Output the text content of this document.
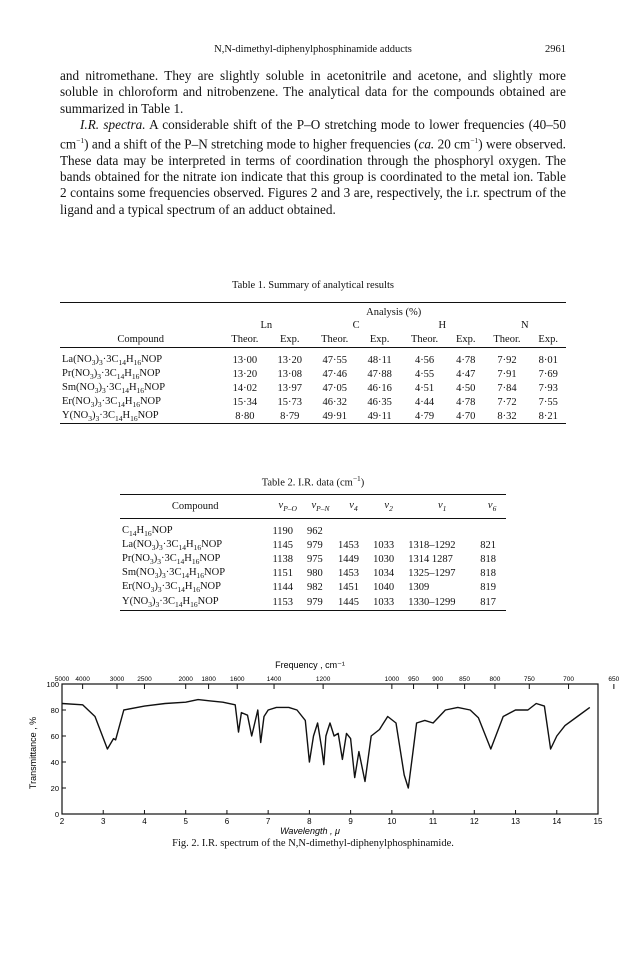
N,N-dimethyl-diphenylphosphinamide adducts	2961

and nitromethane. They are slightly soluble in acetonitrile and acetone, and slightly more soluble in chloroform and nitrobenzene. The analytical data for the compounds obtained are summarized in Table 1.

I.R. spectra. A considerable shift of the P–O stretching mode to lower frequencies (40–50 $cm^{-1}$) and a shift of the P–N stretching mode to higher frequencies (ca. 20 $cm^{-1}$) were observed. These data may be interpreted in terms of coordination through the phosphoryl oxygen. The bands obtained for the nitrate ion indicate that this group is coordinated to the metal ion. Table 2 contains some frequencies observed. Figures 2 and 3 are, respectively, the i.r. spectrum of the ligand and a typical spectrum of an adduct obtained.

Table 1. Summary of analytical results
	Analysis (%)							
	Ln		C		H		N	
Compound	Theor.	Exp.	Theor.	Exp.	Theor.	Exp.	Theor.	Exp.
$La(NO_3)_3\cdot 3C_{14}H_{16}NOP$	13·00	13·20	47·55	48·11	4·56	4·78	7·92	8·01
$Pr(NO_3)_3\cdot 3C_{14}H_{16}NOP$	13·20	13·08	47·46	47·88	4·55	4·47	7·91	7·69
$Sm(NO_3)_3\cdot 3C_{14}H_{16}NOP$	14·02	13·97	47·05	46·16	4·51	4·50	7·84	7·93
$Er(NO_3)_3\cdot 3C_{14}H_{16}NOP$	15·34	15·73	46·32	46·35	4·44	4·78	7·72	7·55
$Y(NO_3)_3\cdot 3C_{14}H_{16}NOP$	8·80	8·79	49·91	49·11	4·79	4·70	8·32	8·21
Table 2. I.R. data $(cm^{-1})$
Compound	$\nu_{P-O}$	$\nu_{P-N}$	$\nu_4$	$\nu_2$	$\nu_1$	$\nu_6$
$C_{14}H_{16}NOP$	1190	962				
$La(NO_3)_3\cdot 3C_{14}H_{16}NOP$	1145	979	1453	1033	1318–1292	821
$Pr(NO_3)_3\cdot 3C_{14}H_{16}NOP$	1138	975	1449	1030	1314 1287	818
$Sm(NO_3)_3\cdot 3C_{14}H_{16}NOP$	1151	980	1453	1034	1325–1297	818
$Er(NO_3)_3\cdot 3C_{14}H_{16}NOP$	1144	982	1451	1040	1309	819
$Y(NO_3)_3\cdot 3C_{14}H_{16}NOP$	1153	979	1445	1033	1330–1299	817
Frequency , cm⁻¹
Transmittance , %
Wavelength , μ
5000 4000	3000 2500	2000 1800 1600	1400	1200	1000 950 900 850	800	750	700	650
2	3	4	5	6	7	8	9	10	11	12	13	14	15
0
20
40
60
80
100
Fig. 2. I.R. spectrum of the N,N-dimethyl-diphenylphosphinamide.
